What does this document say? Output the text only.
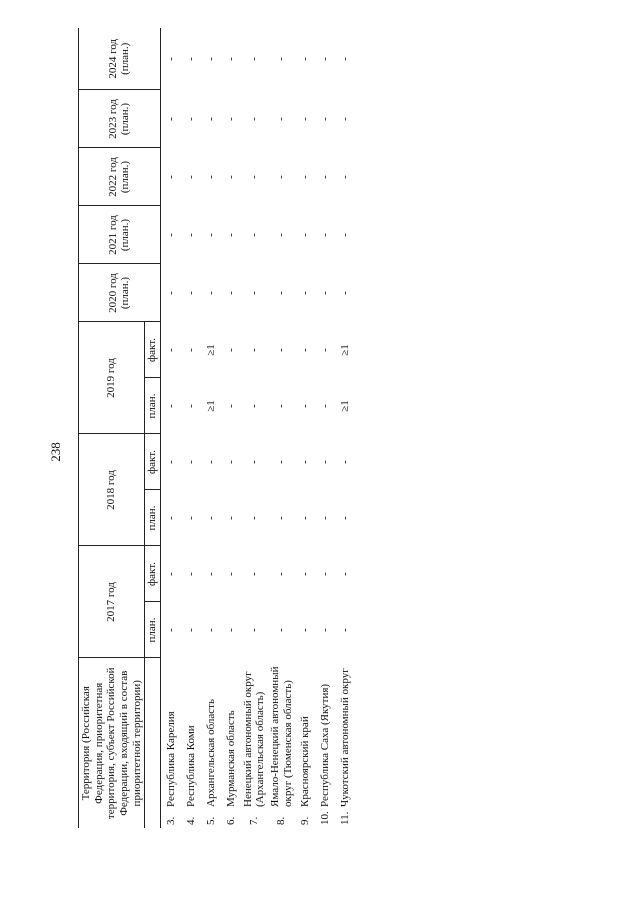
238
Территория (Российская Федерация, приоритетная территория, субъект Российской Федерации, входящий в состав приоритетной территории)		2017 год		2018 год		2019 год		2020 год (план.)	2021 год (план.)	2022 год (план.)	2023 год (план.)	2024 год (план.)
		план.	факт.	план.	факт.	план.	факт.					
3.	Республика Карелия	-	-	-	-	-	-	-	-	-	-	-
4.	Республика Коми	-	-	-	-	-	-	-	-	-	-	-
5.	Архангельская область	-	-	-	-	≥1	≥1	-	-	-	-	-
6.	Мурманская область	-	-	-	-	-	-	-	-	-	-	-
7.	Ненецкий автономный округ (Архангельская область)	-	-	-	-	-	-	-	-	-	-	-
8.	Ямало-Ненецкий автономный округ (Тюменская область)	-	-	-	-	-	-	-	-	-	-	-
9.	Красноярский край	-	-	-	-	-	-	-	-	-	-	-
10.	Республика Саха (Якутия)	-	-	-	-	-	-	-	-	-	-	-
11.	Чукотский автономный округ	-	-	-	-	≥1	≥1	-	-	-	-	-
